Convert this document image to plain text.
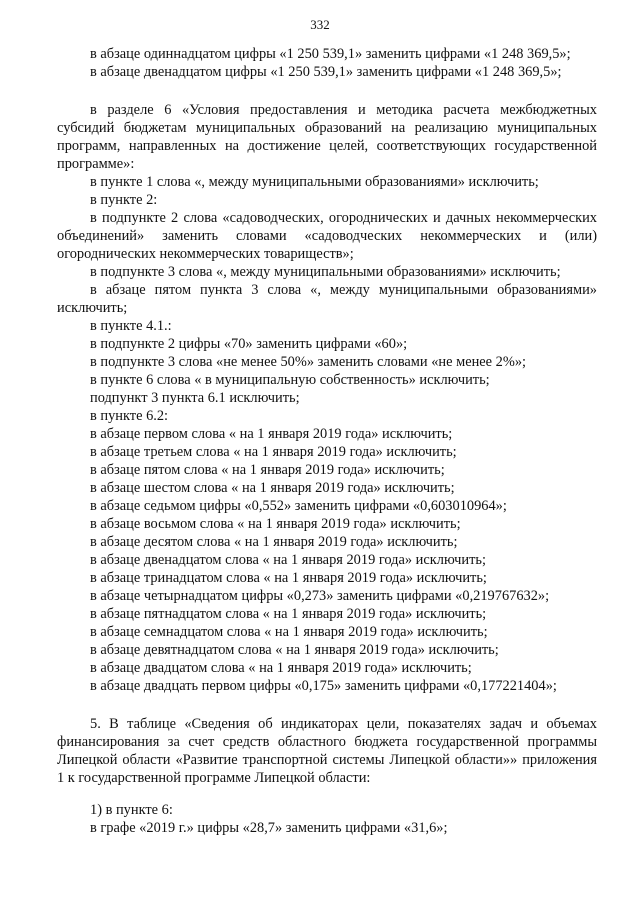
332

в абзаце одиннадцатом цифры «1 250 539,1» заменить цифрами «1 248 369,5»;

в абзаце двенадцатом цифры «1 250 539,1» заменить цифрами «1 248 369,5»;

в разделе 6 «Условия предоставления и методика расчета межбюджетных субсидий бюджетам муниципальных образований на реализацию муниципальных программ, направленных на достижение целей, соответствующих государственной программе»:

в пункте 1 слова «, между муниципальными образованиями» исключить;

в пункте 2:

в подпункте 2 слова «садоводческих, огороднических и дачных некоммерческих объединений» заменить словами «садоводческих некоммерческих и (или) огороднических некоммерческих товариществ»;

в подпункте 3 слова «, между муниципальными образованиями» исключить;

в абзаце пятом пункта 3 слова «, между муниципальными образованиями» исключить;

в пункте 4.1.:

в подпункте 2 цифры «70» заменить цифрами «60»;

в подпункте 3 слова «не менее 50%» заменить словами «не менее 2%»;

в пункте 6 слова « в муниципальную собственность» исключить;

подпункт 3 пункта 6.1 исключить;

в пункте 6.2:

в абзаце первом слова « на 1 января 2019 года» исключить;

в абзаце третьем слова « на 1 января 2019 года» исключить;

в абзаце пятом слова « на 1 января 2019 года» исключить;

в абзаце шестом слова « на 1 января 2019 года» исключить;

в абзаце седьмом цифры «0,552» заменить цифрами «0,603010964»;

в абзаце восьмом слова « на 1 января 2019 года» исключить;

в абзаце десятом слова « на 1 января 2019 года» исключить;

в абзаце двенадцатом слова « на 1 января 2019 года» исключить;

в абзаце тринадцатом слова « на 1 января 2019 года» исключить;

в абзаце четырнадцатом цифры «0,273» заменить цифрами «0,219767632»;

в абзаце пятнадцатом слова « на 1 января 2019 года» исключить;

в абзаце семнадцатом слова « на 1 января 2019 года» исключить;

в абзаце девятнадцатом слова « на 1 января 2019 года» исключить;

в абзаце двадцатом слова « на 1 января 2019 года» исключить;

в абзаце двадцать первом цифры «0,175» заменить цифрами «0,177221404»;

5. В таблице «Сведения об индикаторах цели, показателях задач и объемах финансирования за счет средств областного бюджета государственной программы Липецкой области «Развитие транспортной системы Липецкой области»» приложения 1 к государственной программе Липецкой области:

1) в пункте 6:

в графе «2019 г.» цифры «28,7» заменить цифрами «31,6»;
